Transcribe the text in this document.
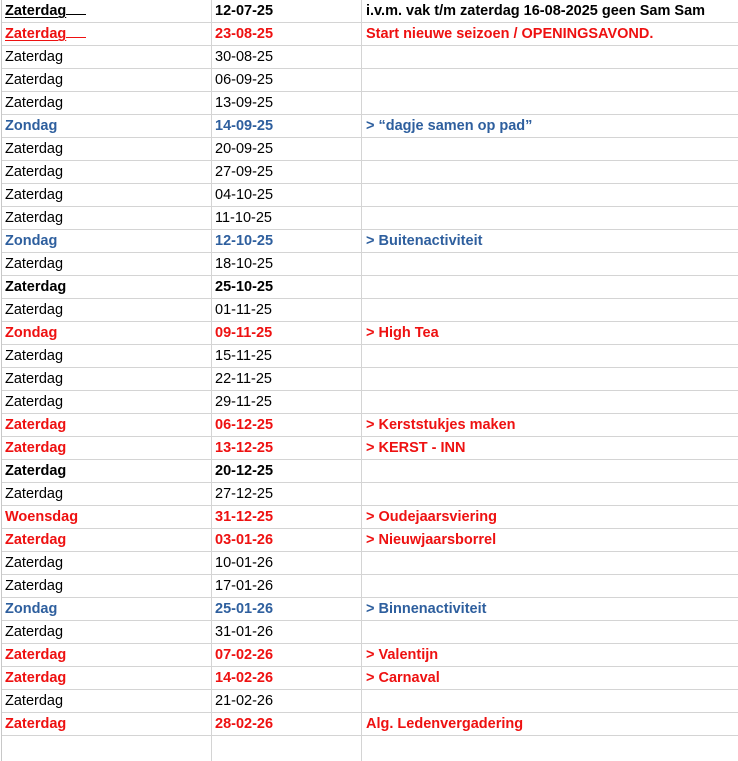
Zaterdag	12-07-25	i.v.m. vak t/m zaterdag 16-08-2025 geen Sam Sam
Zaterdag	23-08-25	Start nieuwe seizoen / OPENINGSAVOND.
Zaterdag	30-08-25
Zaterdag	06-09-25
Zaterdag	13-09-25
Zondag	14-09-25	> “dagje samen op pad”
Zaterdag	20-09-25
Zaterdag	27-09-25
Zaterdag	04-10-25
Zaterdag	11-10-25
Zondag	12-10-25	> Buitenactiviteit
Zaterdag	18-10-25
Zaterdag	25-10-25
Zaterdag	01-11-25
Zondag	09-11-25	> High Tea
Zaterdag	15-11-25
Zaterdag	22-11-25
Zaterdag	29-11-25
Zaterdag	06-12-25	> Kerststukjes maken
Zaterdag	13-12-25	> KERST - INN
Zaterdag	20-12-25
Zaterdag	27-12-25
Woensdag	31-12-25	> Oudejaarsviering
Zaterdag	03-01-26	> Nieuwjaarsborrel
Zaterdag	10-01-26
Zaterdag	17-01-26
Zondag	25-01-26	> Binnenactiviteit
Zaterdag	31-01-26
Zaterdag	07-02-26	> Valentijn
Zaterdag	14-02-26	> Carnaval
Zaterdag	21-02-26
Zaterdag	28-02-26	Alg. Ledenvergadering
